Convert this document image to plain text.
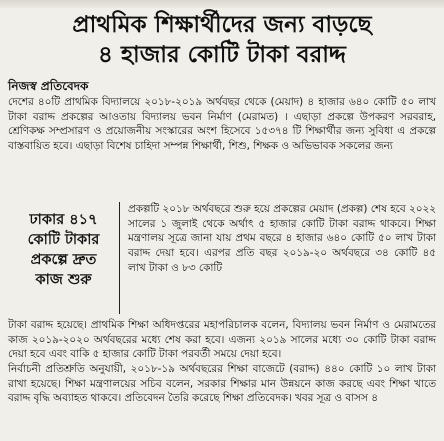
প্রাথমিক শিক্ষার্থীদের জন্য বাড়ছে
৪ হাজার কোটি টাকা বরাদ্দ

নিজস্ব প্রতিবেদক

দেশের ৪০টি প্রাথমিক বিদ্যালয়ে ২০১৮-২০১৯ অর্থবছর থেকে (মেয়াদ) ৪ হাজার ৬৪০ কোটি ৫০ লাখ টাকা বরাদ্দ প্রকল্পের আওতায় বিদ্যালয় ভবন নির্মাণ (মেরামত) । এছাড়া প্রকল্পে উপকরণ সরবরাহ, শ্রেণিকক্ষ সম্প্রসারণ ও প্রয়োজনীয় সংস্কারের অংশ হিসেবে ১৫৩৭৪ টি শিক্ষার্থীর জন্য সুবিধা এ প্রকল্পে বাস্তবায়িত হবে। এছাড়া বিশেষ চাহিদা সম্পন্ন শিক্ষার্থী, শিশু, শিক্ষক ও অভিভাবক সকলের জন্য

ঢাকার ৪১৭
কোটি টাকার
প্রকল্পে দ্রুত
কাজ শুরু

প্রকল্পটি ২০১৮ অর্থবছরে শুরু হয়ে প্রকল্পের মেয়াদ (প্রকল্প) শেষ হবে ২০২২ সালের ১ জুলাই থেকে অর্থাৎ ৫ হাজার কোটি টাকা বরাদ্দ থাকবে। শিক্ষা মন্ত্রণালয় সূত্রে জানা যায় প্রথম বছরে ৪ হাজার ৬৪০ কোটি ৫০ লাখ টাকা বরাদ্দ দেয়া হবে। এরপর প্রতি বছর ২০১৯-২০ অর্থবছরে ৩৪ কোটি ৪৫ লাখ টাকা ও ৮৩ কোটি

টাকা বরাদ্দ হয়েছে। প্রাথমিক শিক্ষা অধিদপ্তরের মহাপরিচালক বলেন, বিদ্যালয় ভবন নির্মাণ ও মেরামতের কাজ ২০১৯-২০২০ অর্থবছরের মধ্যে শেষ করা হবে। এজন্য ২০১৯ সালের মধ্যে ৩০ কোটি টাকা বরাদ্দ দেয়া হবে এবং বাকি ৫ হাজার কোটি টাকা পরবর্তী সময়ে দেয়া হবে।

নির্বাচনী প্রতিশ্রুতি অনুযায়ী, ২০১৮-১৯ অর্থবছরের শিক্ষা বাজেটে (বরাদ্দ) ৪৪০ কোটি ১০ লাখ টাকা রাখা হয়েছে। শিক্ষা মন্ত্রণালয়ের সচিব বলেন, সরকার শিক্ষার মান উন্নয়নে কাজ করছে এবং শিক্ষা খাতে বরাদ্দ বৃদ্ধি অব্যাহত থাকবে। প্রতিবেদন তৈরি করেছে শিক্ষা প্রতিবেদক। খবর সূত্র ও বাসস ৪
